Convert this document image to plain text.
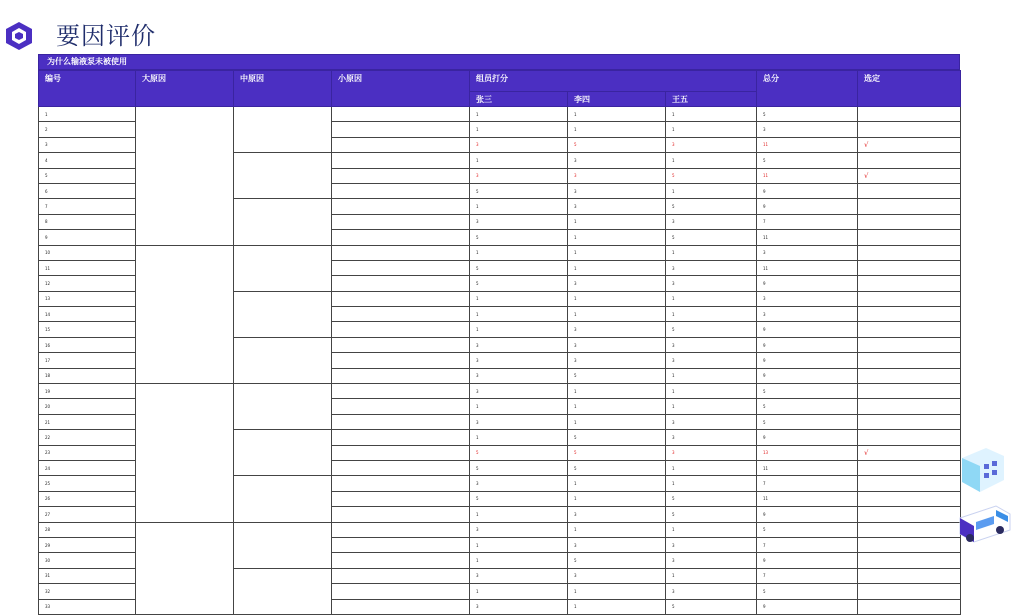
要因评价
为什么输液泵未被使用
编号	大原因	中原因	小原因	组员打分			总分	选定
				张三	李四	王五		
1				1	1	1	5	
2				1	1	1	3	
3				3	5	3	11	√
4				1	3	1	5	
5				3	3	5	11	√
6				5	3	1	9	
7				1	3	5	9	
8				3	1	3	7	
9				5	1	5	11	
10				1	1	1	3	
11				5	1	3	11	
12				5	3	3	9	
13				1	1	1	3	
14				1	1	1	3	
15				1	3	5	9	
16				3	3	3	9	
17				3	3	3	9	
18				3	5	1	9	
19				3	1	1	5	
20				1	1	1	5	
21				3	1	3	5	
22				1	5	3	9	
23				5	5	3	13	√
24				5	5	1	11	
25				3	1	1	7	
26				5	1	5	11	
27				1	3	5	9	
28				3	1	1	5	
29				1	3	3	7	
30				1	5	3	9	
31				3	3	1	7	
32				1	1	3	5	
33				3	1	5	9	
